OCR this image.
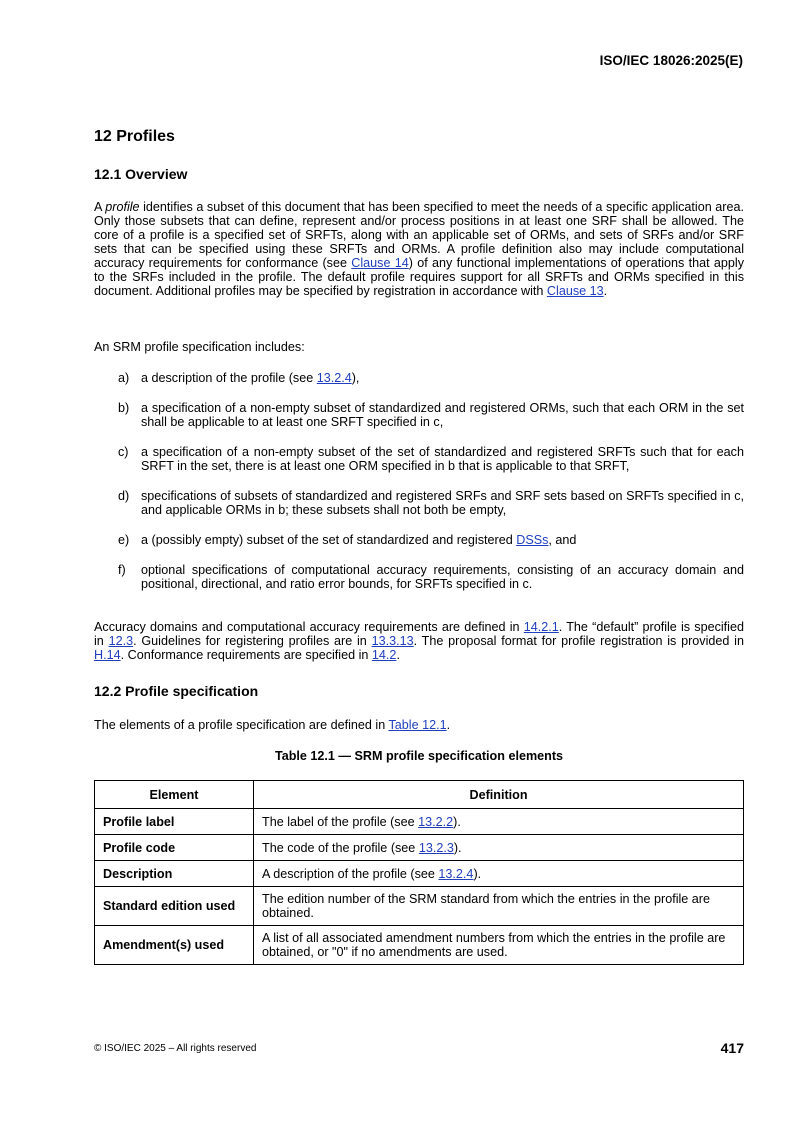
ISO/IEC 18026:2025(E)
12 Profiles
12.1 Overview

A profile identifies a subset of this document that has been specified to meet the needs of a specific application area. Only those subsets that can define, represent and/or process positions in at least one SRF shall be allowed. The core of a profile is a specified set of SRFTs, along with an applicable set of ORMs, and sets of SRFs and/or SRF sets that can be specified using these SRFTs and ORMs. A profile definition also may include computational accuracy requirements for conformance (see Clause 14) of any functional implementations of operations that apply to the SRFs included in the profile. The default profile requires support for all SRFTs and ORMs specified in this document. Additional profiles may be specified by registration in accordance with Clause 13.

An SRM profile specification includes:

a) a description of the profile (see 13.2.4),
b) a specification of a non-empty subset of standardized and registered ORMs, such that each ORM in the set shall be applicable to at least one SRFT specified in c,
c) a specification of a non-empty subset of the set of standardized and registered SRFTs such that for each SRFT in the set, there is at least one ORM specified in b that is applicable to that SRFT,
d) specifications of subsets of standardized and registered SRFs and SRF sets based on SRFTs specified in c, and applicable ORMs in b; these subsets shall not both be empty,
e) a (possibly empty) subset of the set of standardized and registered DSSs, and
f) optional specifications of computational accuracy requirements, consisting of an accuracy domain and positional, directional, and ratio error bounds, for SRFTs specified in c.

Accuracy domains and computational accuracy requirements are defined in 14.2.1. The “default” profile is specified in 12.3. Guidelines for registering profiles are in 13.3.13. The proposal format for profile registration is provided in H.14. Conformance requirements are specified in 14.2.

12.2 Profile specification

The elements of a profile specification are defined in Table 12.1.

Table 12.1 — SRM profile specification elements
Element	Definition
Profile label	The label of the profile (see 13.2.2).
Profile code	The code of the profile (see 13.2.3).
Description	A description of the profile (see 13.2.4).
Standard edition used	The edition number of the SRM standard from which the entries in the profile are obtained.
Amendment(s) used	A list of all associated amendment numbers from which the entries in the profile are obtained, or "0" if no amendments are used.
© ISO/IEC 2025 – All rights reserved	417
